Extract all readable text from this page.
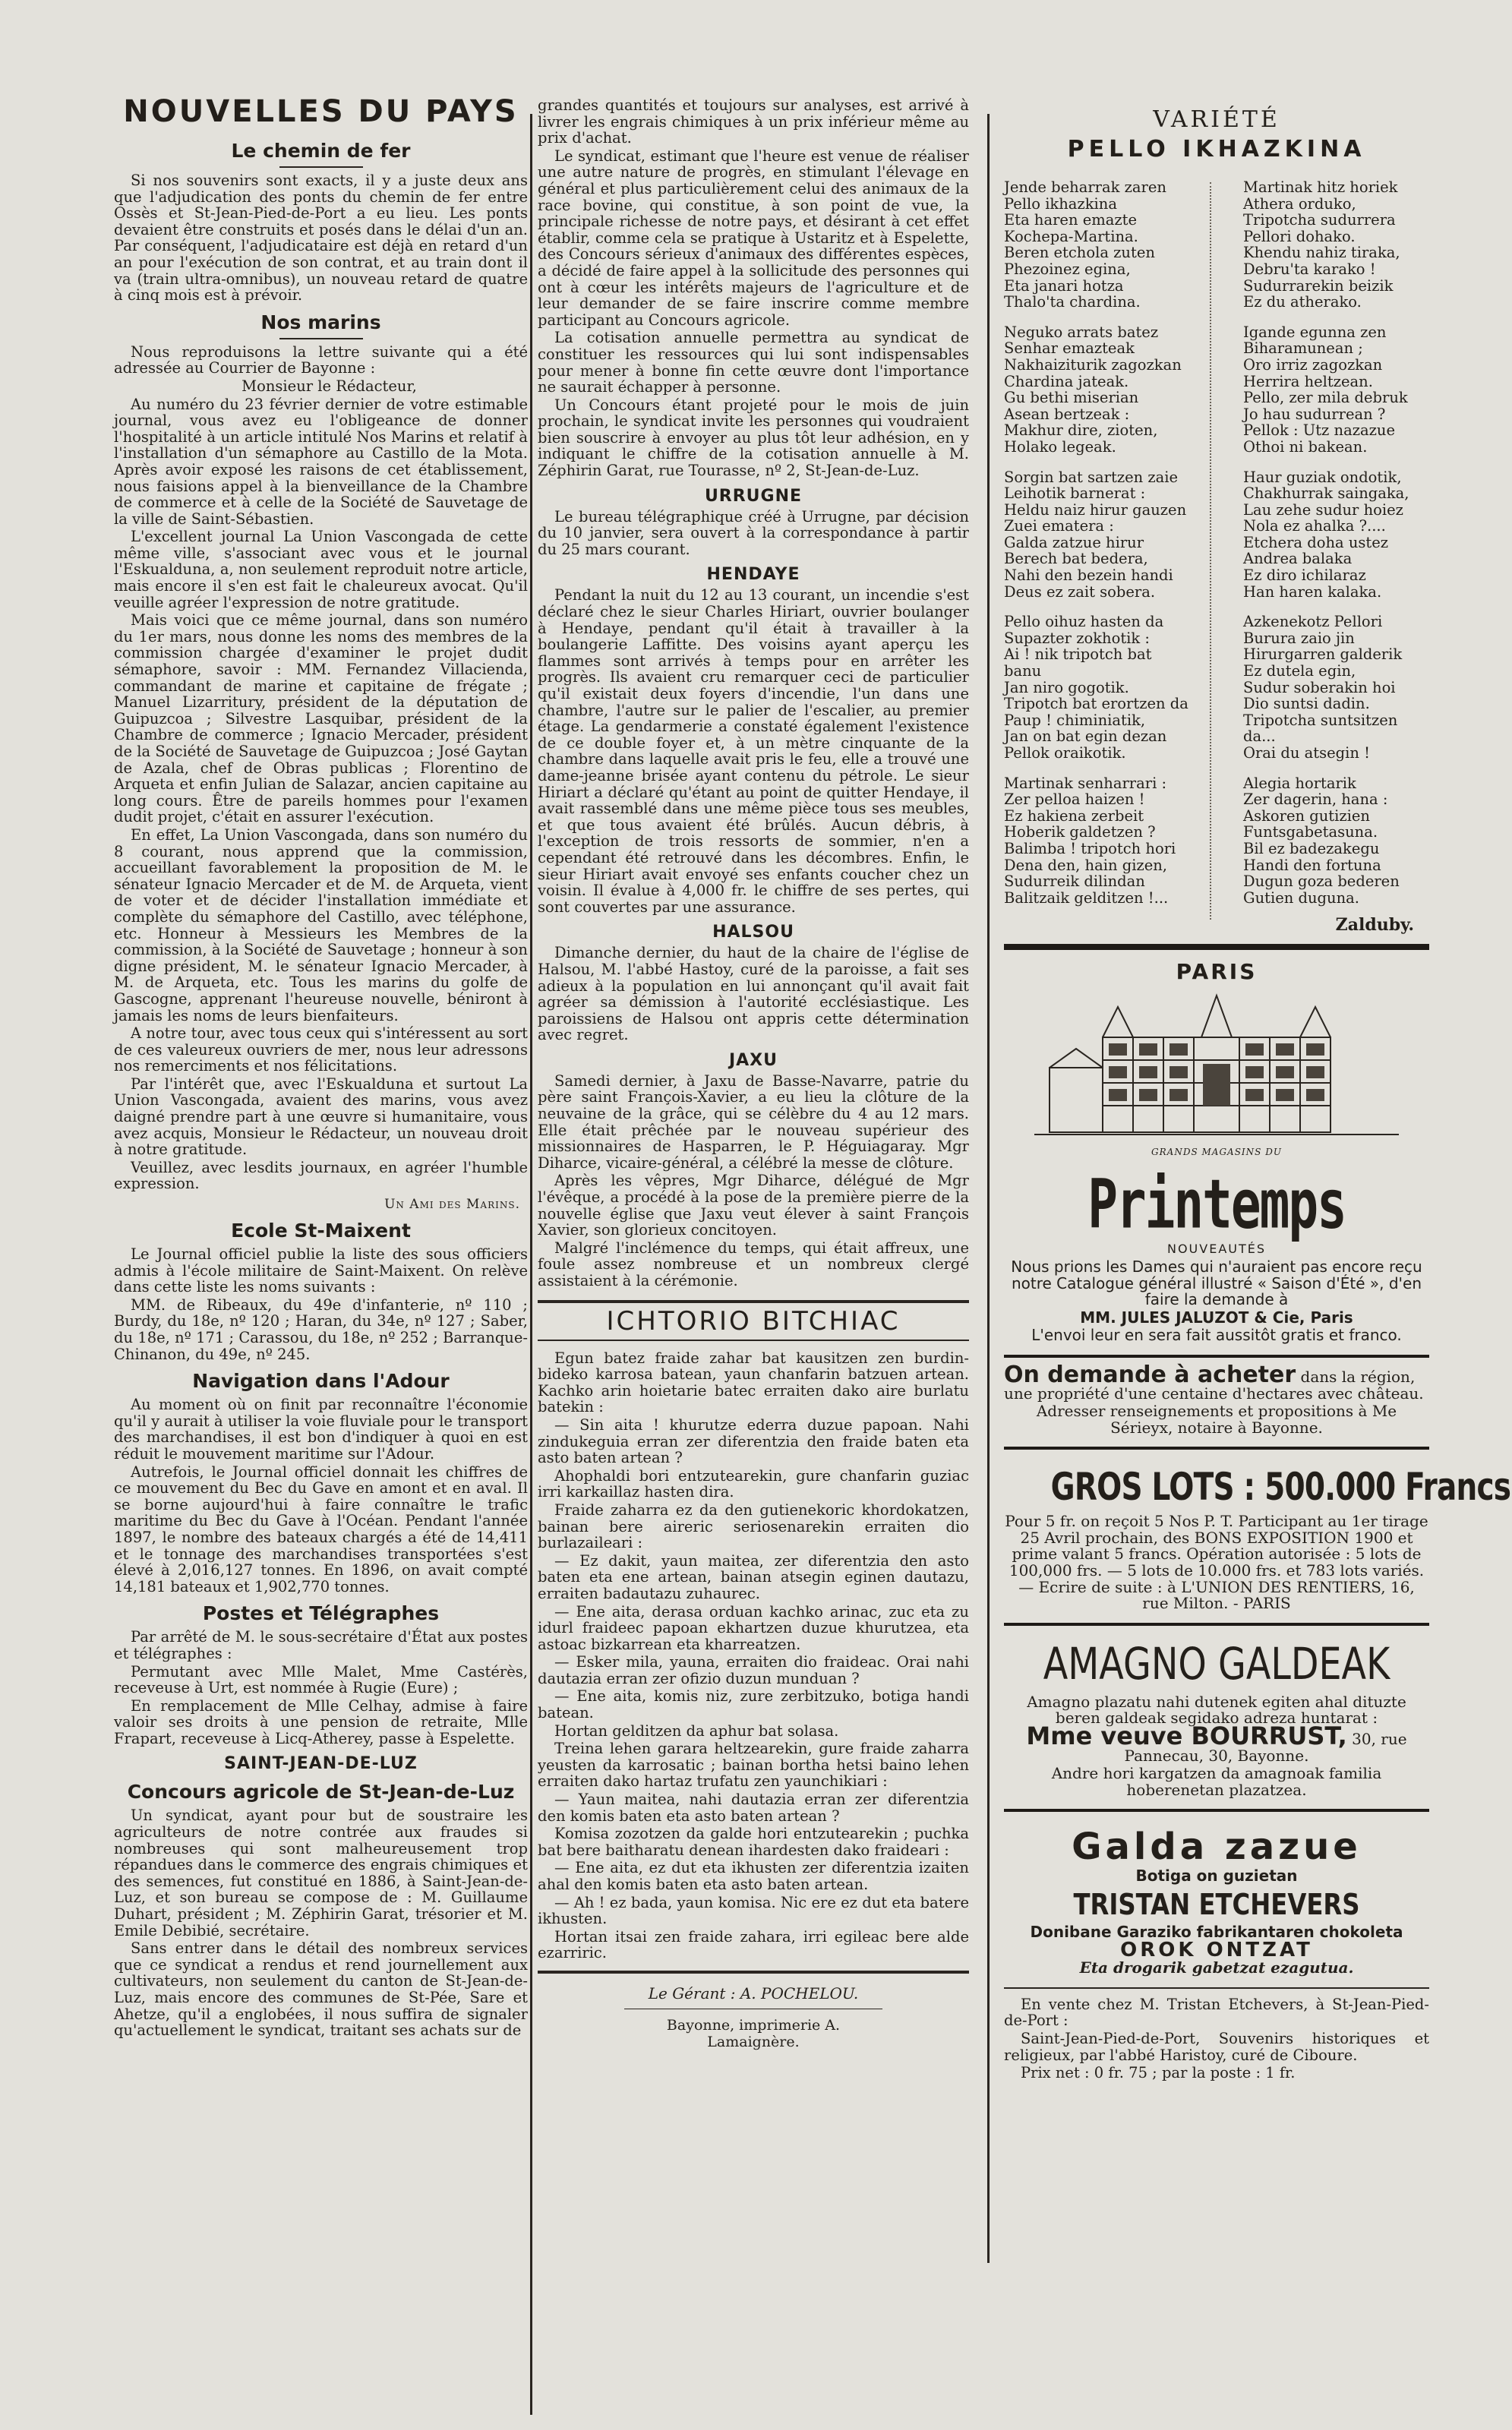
NOUVELLES DU PAYS
Le chemin de fer

Si nos souvenirs sont exacts, il y a juste deux ans que l'adjudication des ponts du chemin de fer entre Ossès et St-Jean-Pied-de-Port a eu lieu. Les ponts devaient être construits et posés dans le délai d'un an. Par conséquent, l'adjudicataire est déjà en retard d'un an pour l'exécution de son contrat, et au train dont il va (train ultra-omnibus), un nouveau retard de quatre à cinq mois est à prévoir.

Nos marins

Nous reproduisons la lettre suivante qui a été adressée au Courrier de Bayonne :

Monsieur le Rédacteur,

Au numéro du 23 février dernier de votre estimable journal, vous avez eu l'obligeance de donner l'hospitalité à un article intitulé Nos Marins et relatif à l'installation d'un sémaphore au Castillo de la Mota. Après avoir exposé les raisons de cet établissement, nous faisions appel à la bienveillance de la Chambre de commerce et à celle de la Société de Sauvetage de la ville de Saint-Sébastien.

L'excellent journal La Union Vascongada de cette même ville, s'associant avec vous et le journal l'Eskualduna, a, non seulement reproduit notre article, mais encore il s'en est fait le chaleureux avocat. Qu'il veuille agréer l'expression de notre gratitude.

Mais voici que ce même journal, dans son numéro du 1er mars, nous donne les noms des membres de la commission chargée d'examiner le projet dudit sémaphore, savoir : MM. Fernandez Villacienda, commandant de marine et capitaine de frégate ; Manuel Lizarritury, président de la députation de Guipuzcoa ; Silvestre Lasquibar, président de la Chambre de commerce ; Ignacio Mercader, président de la Société de Sauvetage de Guipuzcoa ; José Gaytan de Azala, chef de Obras publicas ; Florentino de Arqueta et enfin Julian de Salazar, ancien capitaine au long cours. Être de pareils hommes pour l'examen dudit projet, c'était en assurer l'exécution.

En effet, La Union Vascongada, dans son numéro du 8 courant, nous apprend que la commission, accueillant favorablement la proposition de M. le sénateur Ignacio Mercader et de M. de Arqueta, vient de voter et de décider l'installation immédiate et complète du sémaphore del Castillo, avec téléphone, etc. Honneur à Messieurs les Membres de la commission, à la Société de Sauvetage ; honneur à son digne président, M. le sénateur Ignacio Mercader, à M. de Arqueta, etc. Tous les marins du golfe de Gascogne, apprenant l'heureuse nouvelle, béniront à jamais les noms de leurs bienfaiteurs.

A notre tour, avec tous ceux qui s'intéressent au sort de ces valeureux ouvriers de mer, nous leur adressons nos remerciments et nos félicitations.

Par l'intérêt que, avec l'Eskualduna et surtout La Union Vascongada, avaient des marins, vous avez daigné prendre part à une œuvre si humanitaire, vous avez acquis, Monsieur le Rédacteur, un nouveau droit à notre gratitude.

Veuillez, avec lesdits journaux, en agréer l'humble expression.

Un Ami des Marins.
Ecole St-Maixent

Le Journal officiel publie la liste des sous officiers admis à l'école militaire de Saint-Maixent. On relève dans cette liste les noms suivants :

MM. de Ribeaux, du 49e d'infanterie, nº 110 ; Burdy, du 18e, nº 120 ; Haran, du 34e, nº 127 ; Saber, du 18e, nº 171 ; Carassou, du 18e, nº 252 ; Barranque-Chinanon, du 49e, nº 245.

Navigation dans l'Adour

Au moment où on finit par reconnaître l'économie qu'il y aurait à utiliser la voie fluviale pour le transport des marchandises, il est bon d'indiquer à quoi en est réduit le mouvement maritime sur l'Adour.

Autrefois, le Journal officiel donnait les chiffres de ce mouvement du Bec du Gave en amont et en aval. Il se borne aujourd'hui à faire connaître le trafic maritime du Bec du Gave à l'Océan. Pendant l'année 1897, le nombre des bateaux chargés a été de 14,411 et le tonnage des marchandises transportées s'est élevé à 2,016,127 tonnes. En 1896, on avait compté 14,181 bateaux et 1,902,770 tonnes.

Postes et Télégraphes

Par arrêté de M. le sous-secrétaire d'État aux postes et télégraphes :

Permutant avec Mlle Malet, Mme Castérès, receveuse à Urt, est nommée à Rugie (Eure) ;

En remplacement de Mlle Celhay, admise à faire valoir ses droits à une pension de retraite, Mlle Frapart, receveuse à Licq-Atherey, passe à Espelette.

SAINT-JEAN-DE-LUZ
Concours agricole de St-Jean-de-Luz

Un syndicat, ayant pour but de soustraire les agriculteurs de notre contrée aux fraudes si nombreuses qui sont malheureusement trop répandues dans le commerce des engrais chimiques et des semences, fut constitué en 1886, à Saint-Jean-de-Luz, et son bureau se compose de : M. Guillaume Duhart, président ; M. Zéphirin Garat, trésorier et M. Emile Debibié, secrétaire.

Sans entrer dans le détail des nombreux services que ce syndicat a rendus et rend journellement aux cultivateurs, non seulement du canton de St-Jean-de-Luz, mais encore des communes de St-Pée, Sare et Ahetze, qu'il a englobées, il nous suffira de signaler qu'actuellement le syndicat, traitant ses achats sur de

grandes quantités et toujours sur analyses, est arrivé à livrer les engrais chimiques à un prix inférieur même au prix d'achat.

Le syndicat, estimant que l'heure est venue de réaliser une autre nature de progrès, en stimulant l'élevage en général et plus particulièrement celui des animaux de la race bovine, qui constitue, à son point de vue, la principale richesse de notre pays, et désirant à cet effet établir, comme cela se pratique à Ustaritz et à Espelette, des Concours sérieux d'animaux des différentes espèces, a décidé de faire appel à la sollicitude des personnes qui ont à cœur les intérêts majeurs de l'agriculture et de leur demander de se faire inscrire comme membre participant au Concours agricole.

La cotisation annuelle permettra au syndicat de constituer les ressources qui lui sont indispensables pour mener à bonne fin cette œuvre dont l'importance ne saurait échapper à personne.

Un Concours étant projeté pour le mois de juin prochain, le syndicat invite les personnes qui voudraient bien souscrire à envoyer au plus tôt leur adhésion, en y indiquant le chiffre de la cotisation annuelle à M. Zéphirin Garat, rue Tourasse, nº 2, St-Jean-de-Luz.

URRUGNE

Le bureau télégraphique créé à Urrugne, par décision du 10 janvier, sera ouvert à la correspondance à partir du 25 mars courant.

HENDAYE

Pendant la nuit du 12 au 13 courant, un incendie s'est déclaré chez le sieur Charles Hiriart, ouvrier boulanger à Hendaye, pendant qu'il était à travailler à la boulangerie Laffitte. Des voisins ayant aperçu les flammes sont arrivés à temps pour en arrêter les progrès. Ils avaient cru remarquer ceci de particulier qu'il existait deux foyers d'incendie, l'un dans une chambre, l'autre sur le palier de l'escalier, au premier étage. La gendarmerie a constaté également l'existence de ce double foyer et, à un mètre cinquante de la chambre dans laquelle avait pris le feu, elle a trouvé une dame-jeanne brisée ayant contenu du pétrole. Le sieur Hiriart a déclaré qu'étant au point de quitter Hendaye, il avait rassemblé dans une même pièce tous ses meubles, et que tous avaient été brûlés. Aucun débris, à l'exception de trois ressorts de sommier, n'en a cependant été retrouvé dans les décombres. Enfin, le sieur Hiriart avait envoyé ses enfants coucher chez un voisin. Il évalue à 4,000 fr. le chiffre de ses pertes, qui sont couvertes par une assurance.

HALSOU

Dimanche dernier, du haut de la chaire de l'église de Halsou, M. l'abbé Hastoy, curé de la paroisse, a fait ses adieux à la population en lui annonçant qu'il avait fait agréer sa démission à l'autorité ecclésiastique. Les paroissiens de Halsou ont appris cette détermination avec regret.

JAXU

Samedi dernier, à Jaxu de Basse-Navarre, patrie du père saint François-Xavier, a eu lieu la clôture de la neuvaine de la grâce, qui se célèbre du 4 au 12 mars. Elle était prêchée par le nouveau supérieur des missionnaires de Hasparren, le P. Héguiagaray. Mgr Diharce, vicaire-général, a célébré la messe de clôture.

Après les vêpres, Mgr Diharce, délégué de Mgr l'évêque, a procédé à la pose de la première pierre de la nouvelle église que Jaxu veut élever à saint François Xavier, son glorieux concitoyen.

Malgré l'inclémence du temps, qui était affreux, une foule assez nombreuse et un nombreux clergé assistaient à la cérémonie.

ICHTORIO BITCHIAC

Egun batez fraide zahar bat kausitzen zen burdin-bideko karrosa batean, yaun chanfarin batzuen artean. Kachko arin hoietarie batec erraiten dako aire burlatu batekin :

— Sin aita ! khurutze ederra duzue papoan. Nahi zindukeguia erran zer diferentzia den fraide baten eta asto baten artean ?

Ahophaldi bori entzutearekin, gure chanfarin guziac irri karkaillaz hasten dira.

Fraide zaharra ez da den gutienekoric khordokatzen, bainan bere aireric seriosenarekin erraiten dio burlazaileari :

— Ez dakit, yaun maitea, zer diferentzia den asto baten eta ene artean, bainan atsegin eginen dautazu, erraiten badautazu zuhaurec.

— Ene aita, derasa orduan kachko arinac, zuc eta zu idurl fraideec papoan ekhartzen duzue khurutzea, eta astoac bizkarrean eta kharreatzen.

— Esker mila, yauna, erraiten dio fraideac. Orai nahi dautazia erran zer ofizio duzun munduan ?

— Ene aita, komis niz, zure zerbitzuko, botiga handi batean.

Hortan gelditzen da aphur bat solasa.

Treina lehen garara heltzearekin, gure fraide zaharra yeusten da karrosatic ; bainan bortha hetsi baino lehen erraiten dako hartaz trufatu zen yaunchikiari :

— Yaun maitea, nahi dautazia erran zer diferentzia den komis baten eta asto baten artean ?

Komisa zozotzen da galde hori entzutearekin ; puchka bat bere baitharatu denean ihardesten dako fraideari :

— Ene aita, ez dut eta ikhusten zer diferentzia izaiten ahal den komis baten eta asto baten artean.

— Ah ! ez bada, yaun komisa. Nic ere ez dut eta batere ikhusten.

Hortan itsai zen fraide zahara, irri egileac bere alde ezarriric.

Le Gérant : A. POCHELOU.
Bayonne, imprimerie A. Lamaignère.
VARIÉTÉ
PELLO IKHAZKINA
Jende beharrak zaren
Pello ikhazkina
Eta haren emazte
Kochepa-Martina.
Beren etchola zuten
Phezoinez egina,
Eta janari hotza
Thalo'ta chardina.
Neguko arrats batez
Senhar emazteak
Nakhaiziturik zagozkan
Chardina jateak.
Gu bethi miserian
Asean bertzeak :
Makhur dire, zioten,
Holako legeak.
Sorgin bat sartzen zaie
Leihotik barnerat :
Heldu naiz hirur gauzen
Zuei ematera :
Galda zatzue hirur
Berech bat bedera,
Nahi den bezein handi
Deus ez zait sobera.
Pello oihuz hasten da
Supazter zokhotik :
Ai ! nik tripotch bat banu
Jan niro gogotik.
Tripotch bat erortzen da
Paup ! chiminiatik,
Jan on bat egin dezan
Pellok oraikotik.
Martinak senharrari :
Zer pelloa haizen !
Ez hakiena zerbeit
Hoberik galdetzen ?
Balimba ! tripotch hori
Dena den, hain gizen,
Sudurreik dilindan
Balitzaik gelditzen !...
Martinak hitz horiek
Athera orduko,
Tripotcha sudurrera
Pellori dohako.
Khendu nahiz tiraka,
Debru'ta karako !
Sudurrarekin beizik
Ez du atherako.
Igande egunna zen
Biharamunean ;
Oro irriz zagozkan
Herrira heltzean.
Pello, zer mila debruk
Jo hau sudurrean ?
Pellok : Utz nazazue
Othoi ni bakean.
Haur guziak ondotik,
Chakhurrak saingaka,
Lau zehe sudur hoiez
Nola ez ahalka ?....
Etchera doha ustez
Andrea balaka
Ez diro ichilaraz
Han haren kalaka.
Azkenekotz Pellori
Burura zaio jin
Hirurgarren galderik
Ez dutela egin,
Sudur soberakin hoi
Dio suntsi dadin.
Tripotcha suntsitzen da...
Orai du atsegin !
Alegia hortarik
Zer dagerin, hana :
Askoren gutizien
Funtsgabetasuna.
Bil ez badezakegu
Handi den fortuna
Dugun goza bederen
Gutien duguna.
Zalduby.
PARIS
GRANDS MAGASINS DU
Printemps

NOUVEAUTÉS

Nous prions les Dames qui n'auraient pas encore reçu notre Catalogue général illustré « Saison d'Été », d'en faire la demande à

MM. JULES JALUZOT & Cie, Paris

L'envoi leur en sera fait aussitôt gratis et franco.

On demande à acheter dans la région, une propriété d'une centaine d'hectares avec château.

Adresser renseignements et propositions à Me Sérieyx, notaire à Bayonne.

GROS LOTS : 500.000 Francs

Pour 5 fr. on reçoit 5 Nos P. T. Participant au 1er tirage 25 Avril prochain, des BONS EXPOSITION 1900 et prime valant 5 francs. Opération autorisée : 5 lots de 100,000 frs. — 5 lots de 10.000 frs. et 783 lots variés. — Ecrire de suite : à L'UNION DES RENTIERS, 16, rue Milton. - PARIS

AMAGNO GALDEAK

Amagno plazatu nahi dutenek egiten ahal dituzte beren galdeak segidako adreza huntarat :

Mme veuve BOURRUST, 30, rue Pannecau, 30, Bayonne.

Andre hori kargatzen da amagnoak familia hoberenetan plazatzea.

Galda zazue

Botiga on guzietan

TRISTAN ETCHEVERS

Donibane Garaziko fabrikantaren chokoleta

OROK ONTZAT

Eta drogarik gabetzat ezagutua.

En vente chez M. Tristan Etchevers, à St-Jean-Pied-de-Port :

Saint-Jean-Pied-de-Port, Souvenirs historiques et religieux, par l'abbé Haristoy, curé de Ciboure.

Prix net : 0 fr. 75 ; par la poste : 1 fr.
